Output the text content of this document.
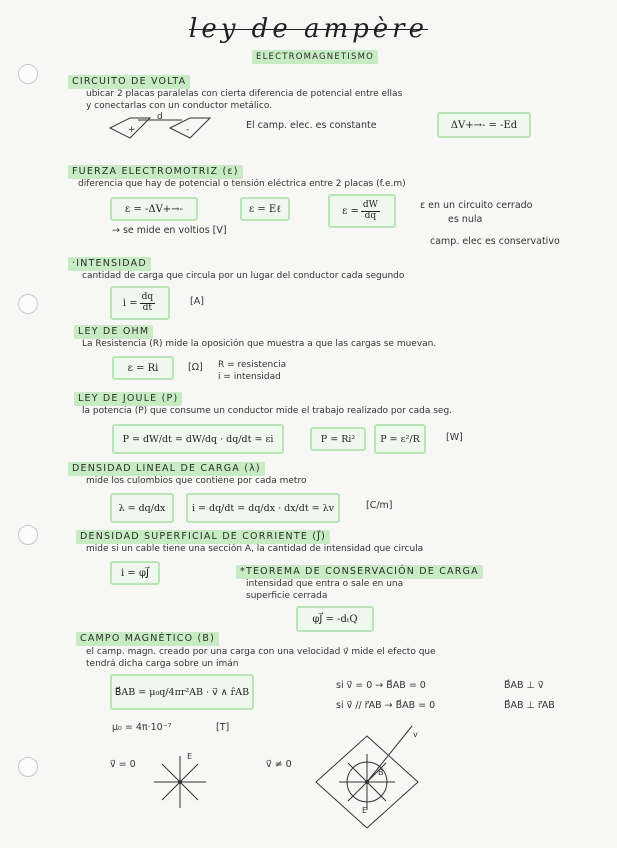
ley de ampère
ELECTROMAGNETISMO
CIRCUITO DE VOLTA
ubicar 2 placas paralelas con cierta diferencia de potencial entre ellas
y conectarlas con un conductor metálico.
+	-
d
El camp. elec. es constante	ΔV+→- = -Ed
FUERZA ELECTROMOTRIZ (ε)
diferencia que hay de potencial o tensión eléctrica entre 2 placas (f.e.m)
ε = -ΔV+→-	ε = Eℓ	$\varepsilon = \frac{dW}{dq}$	ε en un circuito cerrado
es nula
camp. elec es conservativo
→ se mide en voltios [V]
·INTENSIDAD
cantidad de carga que circula por un lugar del conductor cada segundo
$i = \frac{dq}{dt}$	[A]
LEY DE OHM
La Resistencia (R) mide la oposición que muestra a que las cargas se muevan.
ε = Ri	[Ω] R = resistencia
i = intensidad
LEY DE JOULE (P)
la potencia (P) que consume un conductor mide el trabajo realizado por cada seg.
P = dW/dt = dW/dq · dq/dt = εi	P = Ri²	P = ε²/R	[W]
DENSIDAD LINEAL DE CARGA (λ)
mide los culombios que contiene por cada metro
λ = dq/dx	i = dq/dt = dq/dx · dx/dt = λv	[C/m]
DENSIDAD SUPERFICIAL DE CORRIENTE (J⃗)
mide si un cable tiene una sección A, la cantidad de intensidad que circula
i = φJ⃗	*TEOREMA DE CONSERVACIÓN DE CARGA
intensidad que entra o sale en una
superficie cerrada
φJ⃗ = -dₜQ
CAMPO MAGNÉTICO (B)
el camp. magn. creado por una carga con una velocidad v⃗ mide el efecto que
tendrá dicha carga sobre un imán
B⃗AB = μ₀q/4πr²AB · v⃗ ∧ r̂AB
si v⃗ = 0 → B⃗AB = 0
si v⃗ // r⃗AB → B⃗AB = 0
B⃗AB ⊥ v⃗
B⃗AB ⊥ r⃗AB
μ₀ = 4π·10⁻⁷	[T]
v⃗ = 0	v⃗ ≠ 0
E
v
B
E
